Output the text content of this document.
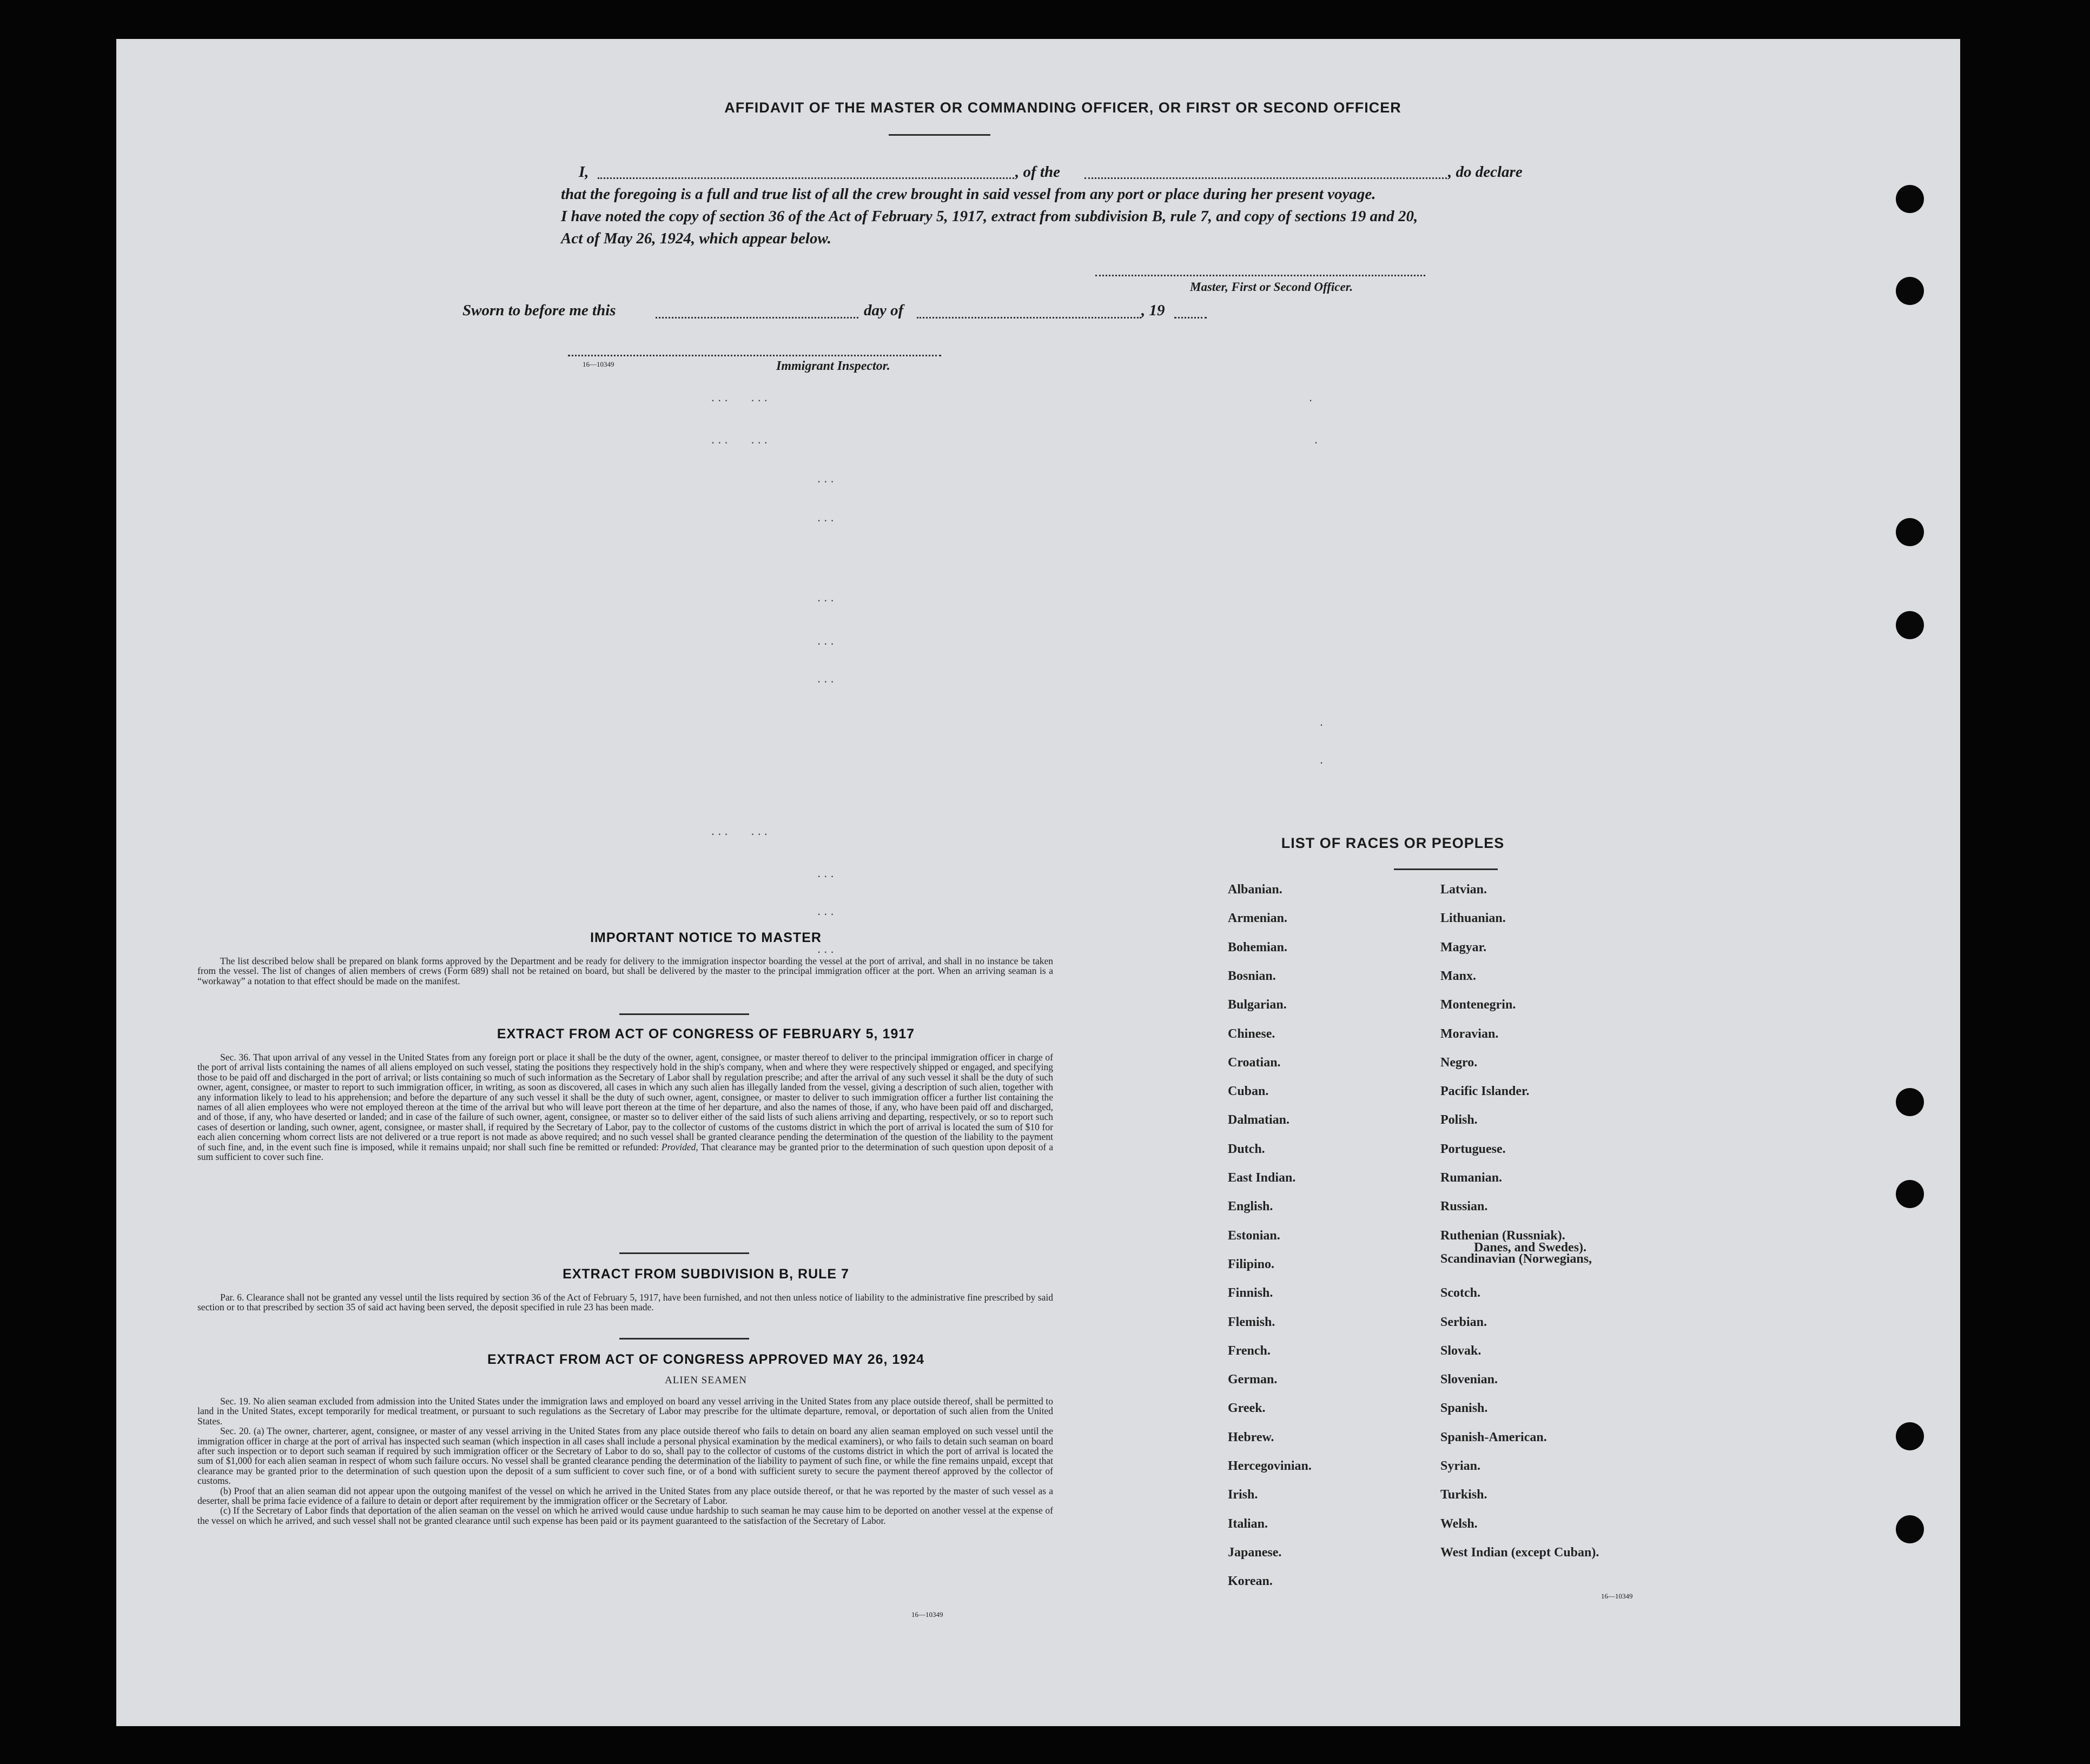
AFFIDAVIT OF THE MASTER OR COMMANDING OFFICER, OR FIRST OR SECOND OFFICER
I,	, of the	, do declare
that the foregoing is a full and true list of all the crew brought in said vessel from any port or place during her present voyage.
I have noted the copy of section 36 of the Act of February 5, 1917, extract from subdivision B, rule 7, and copy of sections 19 and 20,
Act of May 26, 1924, which appear below.
Master, First or Second Officer.
Sworn to before me this	day of	, 19
16—10349	Immigrant Inspector.
. . .       . . .
. . .       . . .
. . .
. . .
. . .
. . .
. . .
. . .       . . .
. . .
. . .
. . .
.
.
.
.
IMPORTANT NOTICE TO MASTER

The list described below shall be prepared on blank forms approved by the Department and be ready for delivery to the immigration inspector boarding the vessel at the port of arrival, and shall in no instance be taken from the vessel. The list of changes of alien members of crews (Form 689) shall not be retained on board, but shall be delivered by the master to the principal immigration officer at the port. When an arriving seaman is a “workaway” a notation to that effect should be made on the manifest.

EXTRACT FROM ACT OF CONGRESS OF FEBRUARY 5, 1917

Sec. 36. That upon arrival of any vessel in the United States from any foreign port or place it shall be the duty of the owner, agent, consignee, or master thereof to deliver to the principal immigration officer in charge of the port of arrival lists containing the names of all aliens employed on such vessel, stating the positions they respectively hold in the ship's company, when and where they were respectively shipped or engaged, and specifying those to be paid off and discharged in the port of arrival; or lists containing so much of such information as the Secretary of Labor shall by regulation prescribe; and after the arrival of any such vessel it shall be the duty of such owner, agent, consignee, or master to report to such immigration officer, in writing, as soon as discovered, all cases in which any such alien has illegally landed from the vessel, giving a description of such alien, together with any information likely to lead to his apprehension; and before the departure of any such vessel it shall be the duty of such owner, agent, consignee, or master to deliver to such immigration officer a further list containing the names of all alien employees who were not employed thereon at the time of the arrival but who will leave port thereon at the time of her departure, and also the names of those, if any, who have been paid off and discharged, and of those, if any, who have deserted or landed; and in case of the failure of such owner, agent, consignee, or master so to deliver either of the said lists of such aliens arriving and departing, respectively, or so to report such cases of desertion or landing, such owner, agent, consignee, or master shall, if required by the Secretary of Labor, pay to the collector of customs of the customs district in which the port of arrival is located the sum of $10 for each alien concerning whom correct lists are not delivered or a true report is not made as above required; and no such vessel shall be granted clearance pending the determination of the question of the liability to the payment of such fine, and, in the event such fine is imposed, while it remains unpaid; nor shall such fine be remitted or refunded: Provided, That clearance may be granted prior to the determination of such question upon deposit of a sum sufficient to cover such fine.

EXTRACT FROM SUBDIVISION B, RULE 7

Par. 6. Clearance shall not be granted any vessel until the lists required by section 36 of the Act of February 5, 1917, have been furnished, and not then unless notice of liability to the administrative fine prescribed by said section or to that prescribed by section 35 of said act having been served, the deposit specified in rule 23 has been made.

EXTRACT FROM ACT OF CONGRESS APPROVED MAY 26, 1924
ALIEN SEAMEN

Sec. 19. No alien seaman excluded from admission into the United States under the immigration laws and employed on board any vessel arriving in the United States from any place outside thereof, shall be permitted to land in the United States, except temporarily for medical treatment, or pursuant to such regulations as the Secretary of Labor may prescribe for the ultimate departure, removal, or deportation of such alien from the United States.

Sec. 20. (a) The owner, charterer, agent, consignee, or master of any vessel arriving in the United States from any place outside thereof who fails to detain on board any alien seaman employed on such vessel until the immigration officer in charge at the port of arrival has inspected such seaman (which inspection in all cases shall include a personal physical examination by the medical examiners), or who fails to detain such seaman on board after such inspection or to deport such seaman if required by such immigration officer or the Secretary of Labor to do so, shall pay to the collector of customs of the customs district in which the port of arrival is located the sum of $1,000 for each alien seaman in respect of whom such failure occurs. No vessel shall be granted clearance pending the determination of the liability to payment of such fine, or while the fine remains unpaid, except that clearance may be granted prior to the determination of such question upon the deposit of a sum sufficient to cover such fine, or of a bond with sufficient surety to secure the payment thereof approved by the collector of customs.

(b) Proof that an alien seaman did not appear upon the outgoing manifest of the vessel on which he arrived in the United States from any place outside thereof, or that he was reported by the master of such vessel as a deserter, shall be prima facie evidence of a failure to detain or deport after requirement by the immigration officer or the Secretary of Labor.

(c) If the Secretary of Labor finds that deportation of the alien seaman on the vessel on which he arrived would cause undue hardship to such seaman he may cause him to be deported on another vessel at the expense of the vessel on which he arrived, and such vessel shall not be granted clearance until such expense has been paid or its payment guaranteed to the satisfaction of the Secretary of Labor.

16—10349
LIST OF RACES OR PEOPLES
16—10349
Albanian.
Armenian.
Bohemian.
Bosnian.
Bulgarian.
Chinese.
Croatian.
Cuban.
Dalmatian.
Dutch.
East Indian.
English.
Estonian.
Filipino.
Finnish.
Flemish.
French.
German.
Greek.
Hebrew.
Hercegovinian.
Irish.
Italian.
Japanese.
Korean.
Latvian.
Lithuanian.
Magyar.
Manx.
Montenegrin.
Moravian.
Negro.
Pacific Islander.
Polish.
Portuguese.
Rumanian.
Russian.
Ruthenian (Russniak).
Scandinavian (Norwegians,
Danes, and Swedes).
Scotch.
Serbian.
Slovak.
Slovenian.
Spanish.
Spanish-American.
Syrian.
Turkish.
Welsh.
West Indian (except Cuban).
